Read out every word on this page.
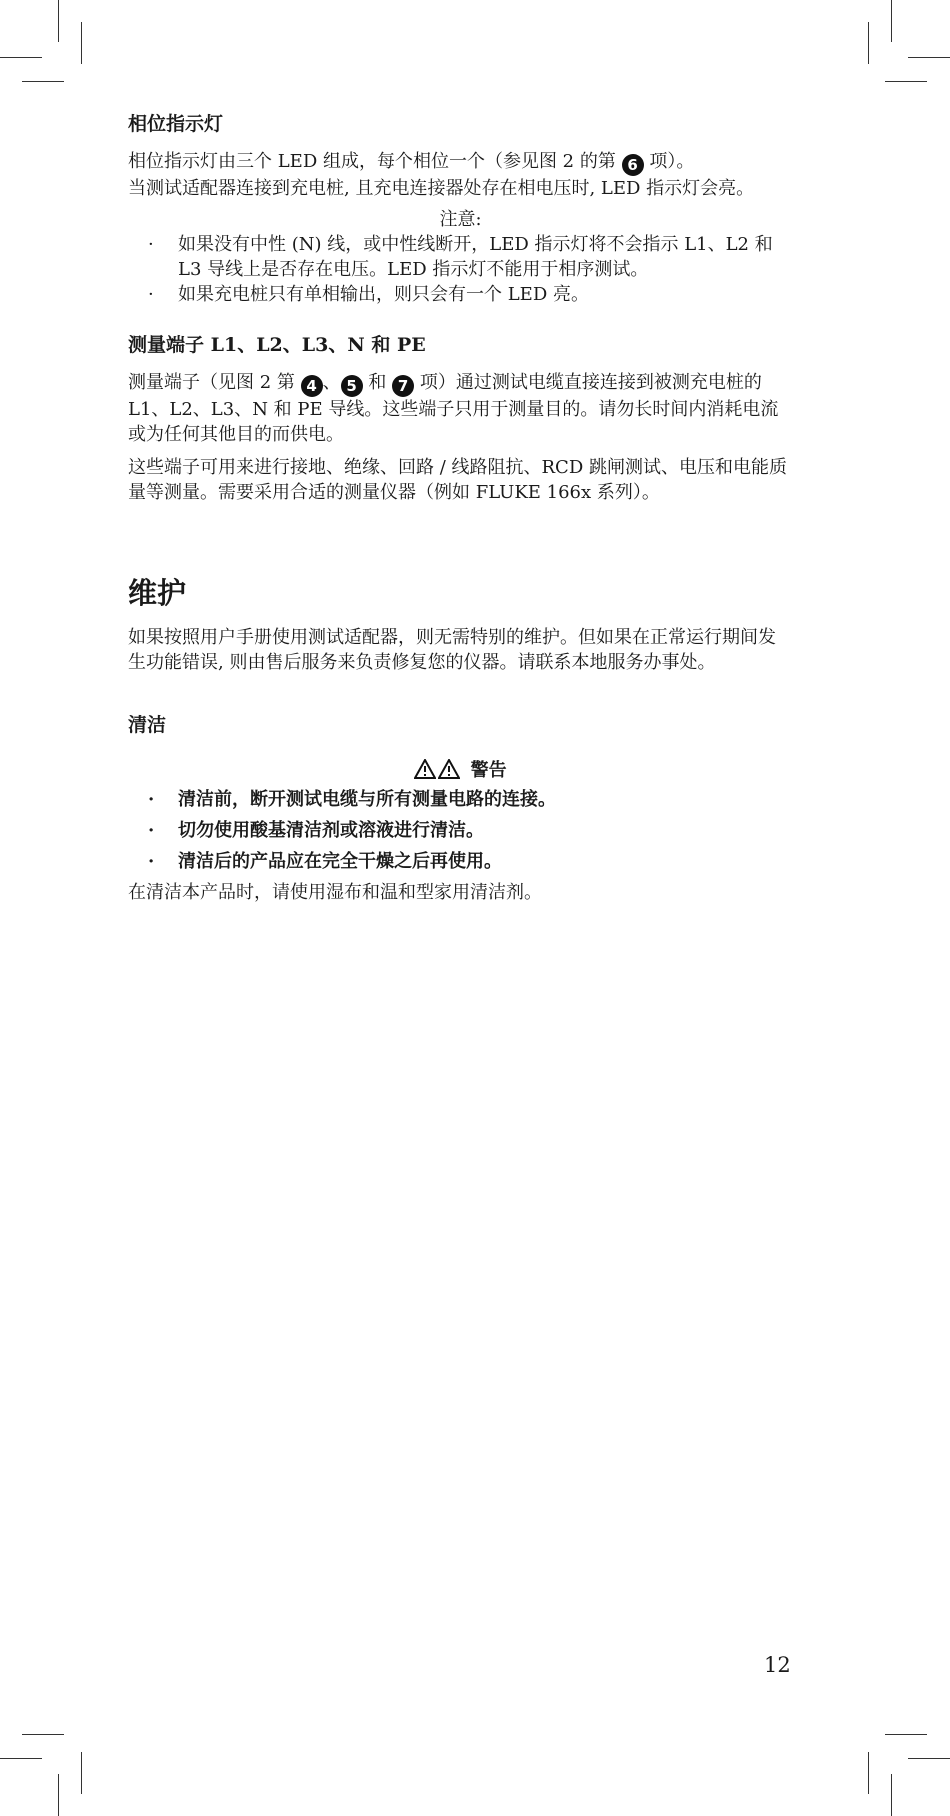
相位指示灯

相位指示灯由三个 LED 组成，每个相位一个（参见图 2 的第 6 项）。

当测试适配器连接到充电桩, 且充电连接器处存在相电压时, LED 指示灯会亮。

注意:
· 如果没有中性 (N) 线，或中性线断开，LED 指示灯将不会指示 L1、L2 和 L3 导线上是否存在电压。LED 指示灯不能用于相序测试。
· 如果充电桩只有单相输出，则只会有一个 LED 亮。
测量端子 L1、L2、L3、N 和 PE

测量端子（见图 2 第 4 、 5 和 7 项）通过测试电缆直接连接到被测充电桩的 L1、L2、L3、N 和 PE 导线。这些端子只用于测量目的。请勿长时间内消耗电流或为任何其他目的而供电。

这些端子可用来进行接地、绝缘、回路 / 线路阻抗、RCD 跳闸测试、电压和电能质量等测量。需要采用合适的测量仪器（例如 FLUKE 166x 系列）。

维护

如果按照用户手册使用测试适配器，则无需特别的维护。但如果在正常运行期间发生功能错误, 则由售后服务来负责修复您的仪器。请联系本地服务办事处。

清洁
警告
· 清洁前，断开测试电缆与所有测量电路的连接。
· 切勿使用酸基清洁剂或溶液进行清洁。
· 清洁后的产品应在完全干燥之后再使用。

在清洁本产品时，请使用湿布和温和型家用清洁剂。

12
